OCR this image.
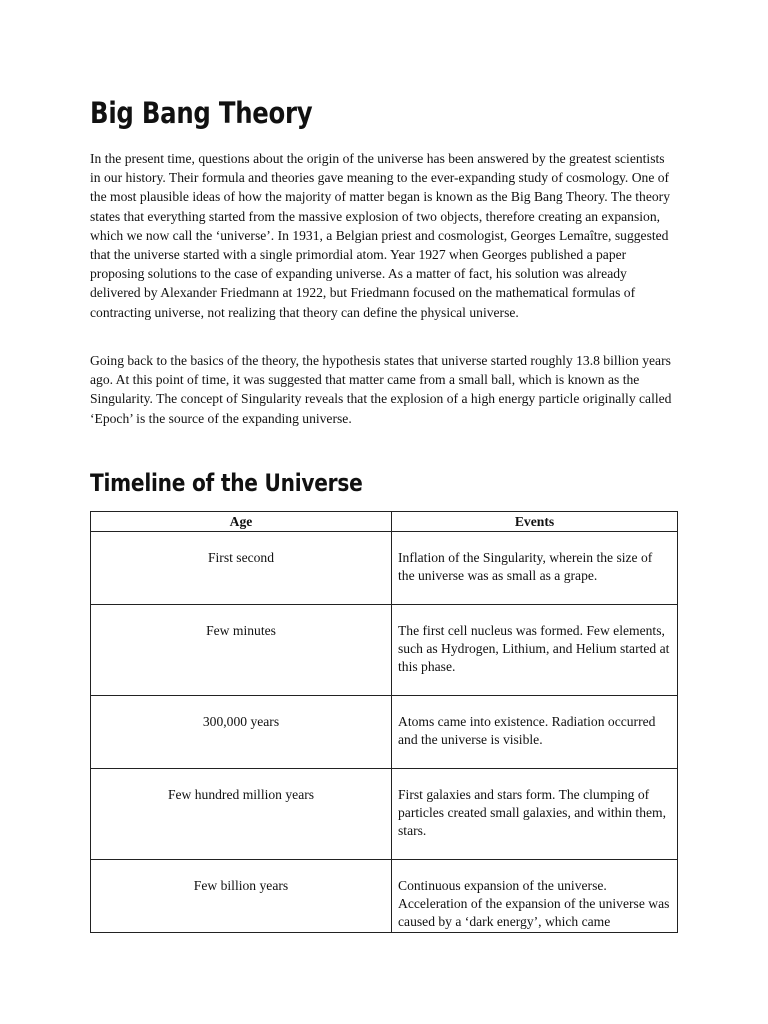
Big Bang Theory

In the present time, questions about the origin of the universe has been answered by the greatest scientists in our history. Their formula and theories gave meaning to the ever-expanding study of cosmology. One of the most plausible ideas of how the majority of matter began is known as the Big Bang Theory. The theory states that everything started from the massive explosion of two objects, therefore creating an expansion, which we now call the ‘universe’. In 1931, a Belgian priest and cosmologist, Georges Lemaître, suggested that the universe started with a single primordial atom. Year 1927 when Georges published a paper proposing solutions to the case of expanding universe. As a matter of fact, his solution was already delivered by Alexander Friedmann at 1922, but Friedmann focused on the mathematical formulas of contracting universe, not realizing that theory can define the physical universe.

Going back to the basics of the theory, the hypothesis states that universe started roughly 13.8 billion years ago. At this point of time, it was suggested that matter came from a small ball, which is known as the Singularity. The concept of Singularity reveals that the explosion of a high energy particle originally called ‘Epoch’ is the source of the expanding universe.

Timeline of the Universe
Age	Events
First second	Inflation of the Singularity, wherein the size of the universe was as small as a grape.
Few minutes	The first cell nucleus was formed. Few elements, such as Hydrogen, Lithium, and Helium started at this phase.
300,000 years	Atoms came into existence. Radiation occurred and the universe is visible.
Few hundred million years	First galaxies and stars form. The clumping of particles created small galaxies, and within them, stars.
Few billion years	Continuous expansion of the universe. Acceleration of the expansion of the universe was caused by a ‘dark energy’, which came
